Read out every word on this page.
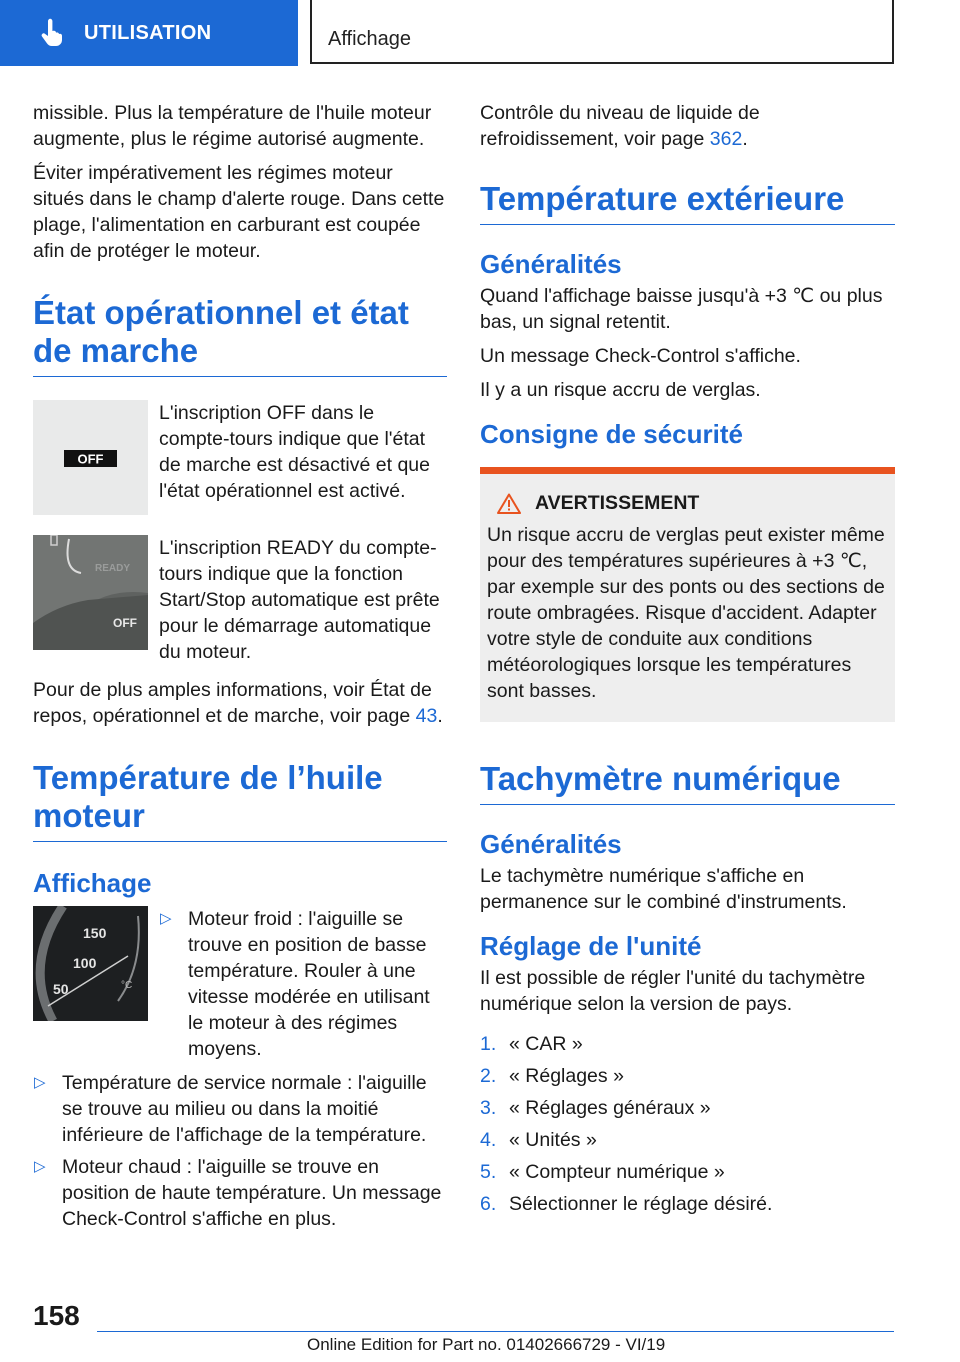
UTILISATION	Affichage

missible. Plus la température de l'huile moteur augmente, plus le régime autorisé augmente.

Éviter impérativement les régimes moteur situés dans le champ d'alerte rouge. Dans cette plage, l'alimentation en carburant est coupée afin de protéger le moteur.

État opérationnel et état de marche
OFF
L'inscription OFF dans le compte-tours indique que l'état de marche est désactivé et que l'état opérationnel est activé.
READY
OFF
L'inscription READY du compte-tours indique que la fonction Start/Stop automatique est prête pour le démarrage automatique du moteur.

Pour de plus amples informations, voir État de repos, opérationnel et de marche, voir page 43.

Température de l’huile moteur
Affichage
150
100
50	°C
▷ Moteur froid : l'aiguille se trouve en position de basse température. Rouler à une vitesse modérée en utilisant le moteur à des régimes moyens.
▷ Température de service normale : l'aiguille se trouve au milieu ou dans la moitié inférieure de l'affichage de la température.
▷ Moteur chaud : l'aiguille se trouve en position de haute température. Un message Check-Control s'affiche en plus.

Contrôle du niveau de liquide de refroidissement, voir page 362.

Température extérieure
Généralités

Quand l'affichage baisse jusqu'à +3 ℃ ou plus bas, un signal retentit.

Un message Check-Control s'affiche.

Il y a un risque accru de verglas.

Consigne de sécurité
AVERTISSEMENT
Un risque accru de verglas peut exister même pour des températures supérieures à +3 ℃, par exemple sur des ponts ou des sections de route ombragées. Risque d'accident. Adapter votre style de conduite aux conditions météorologiques lorsque les températures sont basses.
Tachymètre numérique
Généralités

Le tachymètre numérique s'affiche en permanence sur le combiné d'instruments.

Réglage de l'unité

Il est possible de régler l'unité du tachymètre numérique selon la version de pays.

1. « CAR »
2. « Réglages »
3. « Réglages généraux »
4. « Unités »
5. « Compteur numérique »
6. Sélectionner le réglage désiré.
158
Online Edition for Part no. 01402666729 - VI/19
